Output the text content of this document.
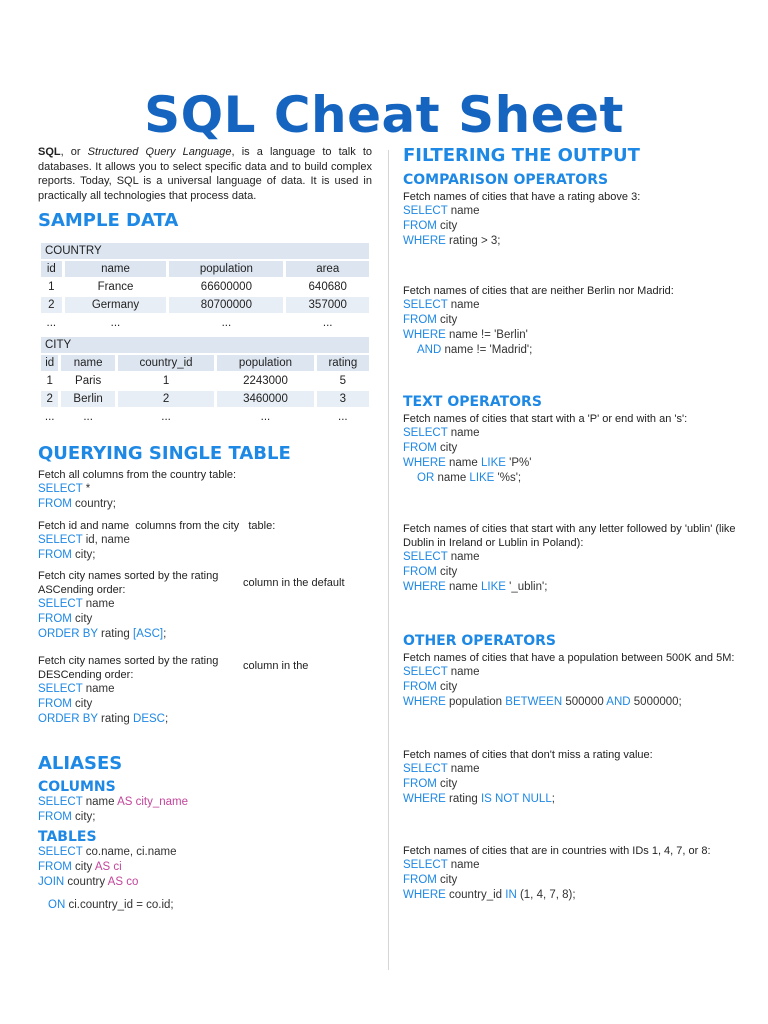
SQL Cheat Sheet

SQL, or Structured Query Language, is a language to talk to databases. It allows you to select specific data and to build complex reports. Today, SQL is a universal language of data. It is used in practically all technologies that process data.

SAMPLE DATA
COUNTRY			
id	name	population	area
1	France	66600000	640680
2	Germany	80700000	357000
...	...	...	...
CITY				
id	name	country_id	population	rating
1	Paris	1	2243000	5
2	Berlin	2	3460000	3
...	...	...	...	...
QUERYING SINGLE TABLE

Fetch all columns from the country table:

SELECT *
FROM country;

Fetch id and name columns from the city table:

SELECT id, name
FROM city;

Fetch city names sorted by the rating
ASCending order:

column in the default
SELECT name
FROM city
ORDER BY rating [ASC];

Fetch city names sorted by the rating
DESCending order:

column in the
SELECT name
FROM city
ORDER BY rating DESC;
ALIASES
COLUMNS
SELECT name AS city_name
FROM city;
TABLES
SELECT co.name, ci.name
FROM city AS ci
JOIN country AS co
ON ci.country_id = co.id;
FILTERING THE OUTPUT
COMPARISON OPERATORS

Fetch names of cities that have a rating above 3:

SELECT name
FROM city
WHERE rating > 3;

Fetch names of cities that are neither Berlin nor Madrid:

SELECT name
FROM city
WHERE name != 'Berlin'
AND name != 'Madrid';
TEXT OPERATORS

Fetch names of cities that start with a 'P' or end with an 's':

SELECT name
FROM city
WHERE name LIKE 'P%'
OR name LIKE '%s';

Fetch names of cities that start with any letter followed by 'ublin' (like Dublin in Ireland or Lublin in Poland):

SELECT name
FROM city
WHERE name LIKE '_ublin';
OTHER OPERATORS

Fetch names of cities that have a population between 500K and 5M:

SELECT name
FROM city
WHERE population BETWEEN 500000 AND 5000000;

Fetch names of cities that don't miss a rating value:

SELECT name
FROM city
WHERE rating IS NOT NULL;

Fetch names of cities that are in countries with IDs 1, 4, 7, or 8:

SELECT name
FROM city
WHERE country_id IN (1, 4, 7, 8);
